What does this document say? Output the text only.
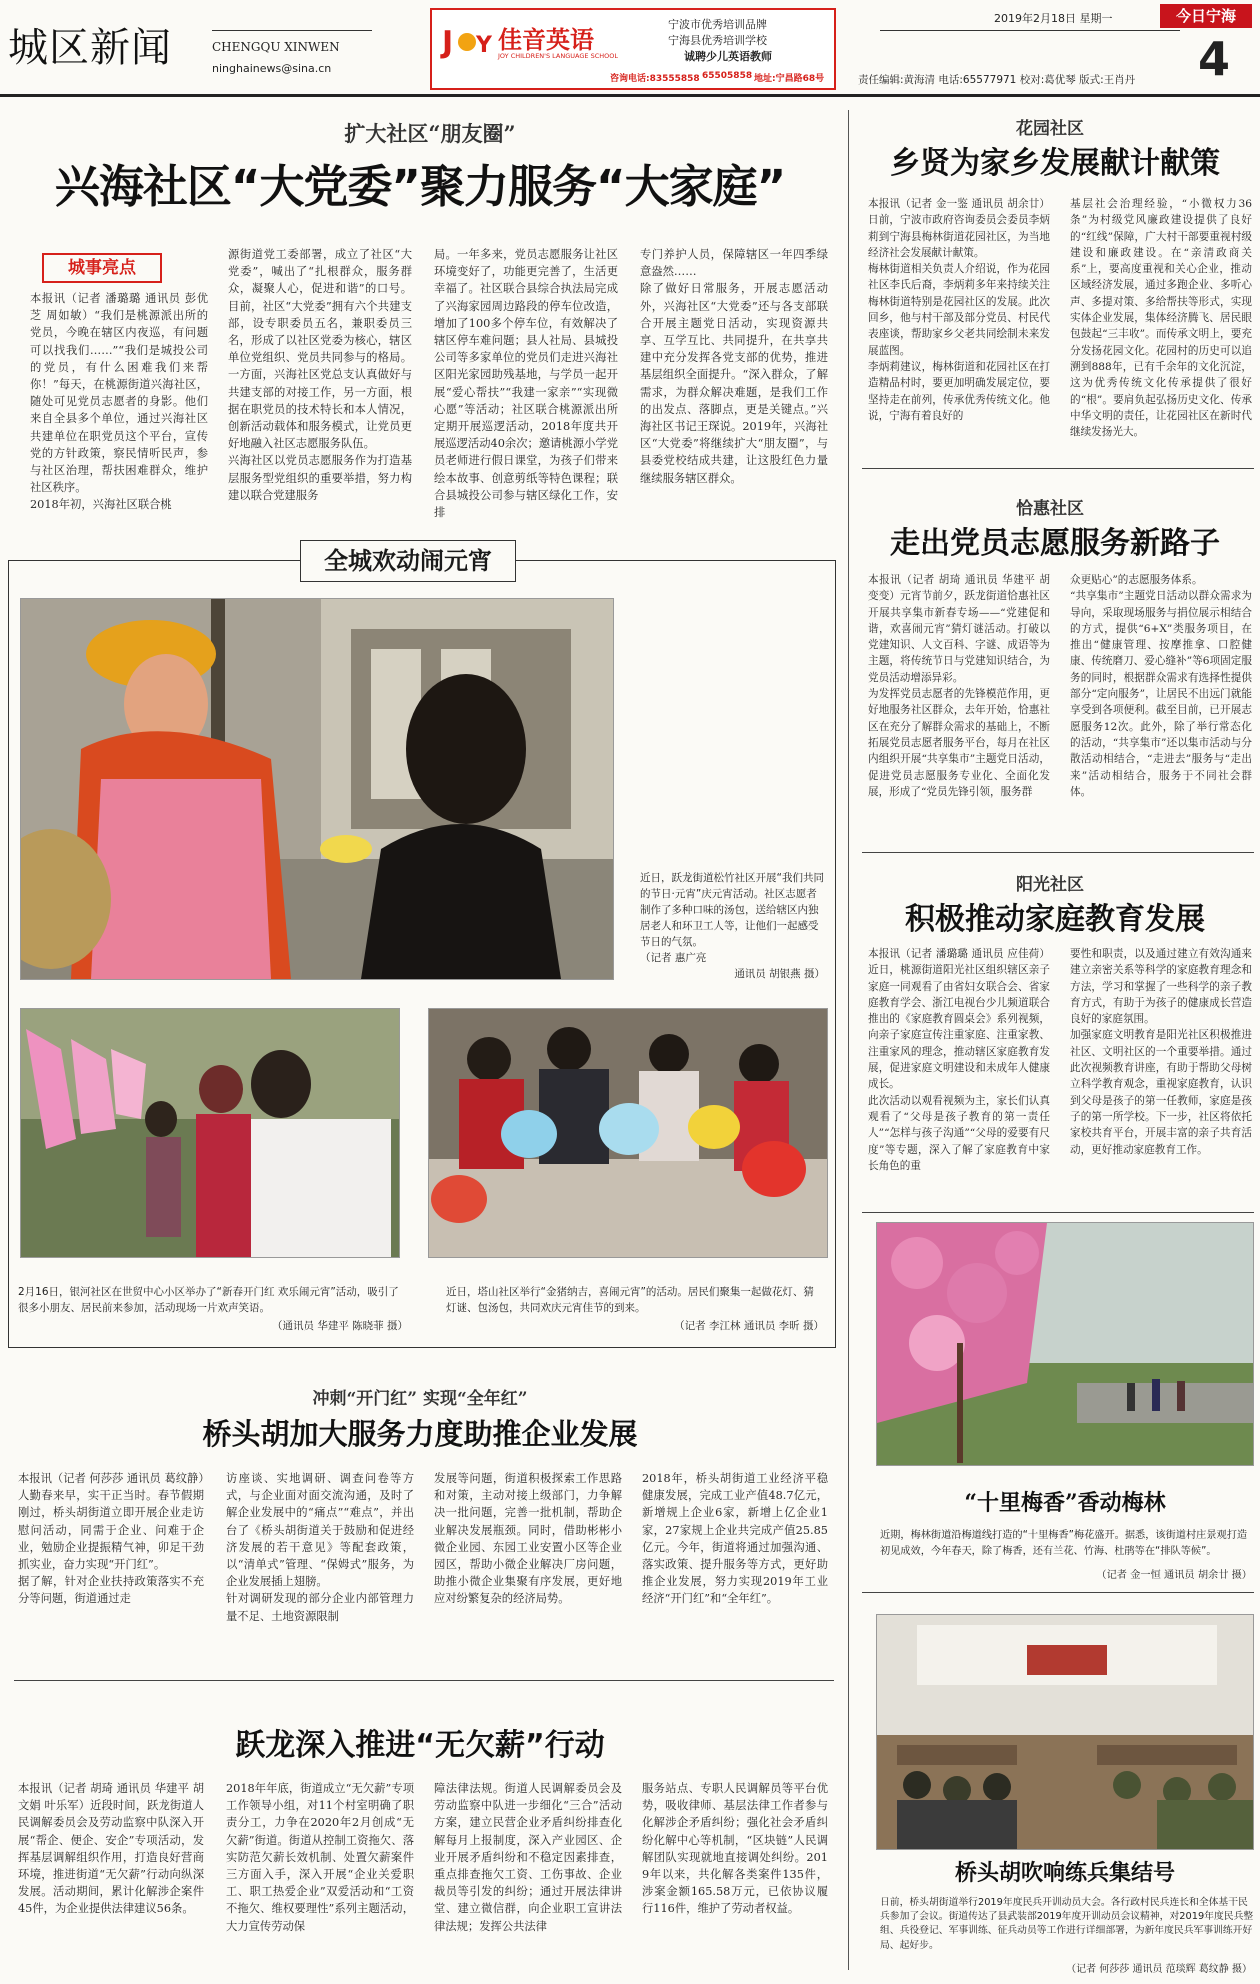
城区新闻	CHENGQU XINWEN
ninghainews@sina.cn
J Y 佳音英语
JOY CHILDREN'S LANGUAGE SCHOOL
宁波市优秀培训品牌
宁海县优秀培训学校
诚聘少儿英语教师
咨询电话:83555858 65505858 地址:宁昌路68号
2019年2月18日 星期一	今日宁海
4
责任编辑:黄海清 电话:65577971 校对:葛优琴 版式:王肖丹
扩大社区“朋友圈”
兴海社区“大党委”聚力服务“大家庭”
城事亮点

本报讯（记者 潘璐璐 通讯员 彭优芝 周如敏）“我们是桃源派出所的党员，今晚在辖区内夜巡，有问题可以找我们……”“我们是城投公司的党员，有什么困难我们来帮你！”每天，在桃源街道兴海社区，随处可见党员志愿者的身影。他们来自全县多个单位，通过兴海社区共建单位在职党员这个平台，宣传党的方针政策，察民情听民声，参与社区治理，帮扶困难群众，维护社区秩序。
2018年初，兴海社区联合桃

源街道党工委部署，成立了社区“大党委”，喊出了“扎根群众，服务群众，凝聚人心，促进和谐”的口号。目前，社区“大党委”拥有六个共建支部，设专职委员五名，兼职委员三名，形成了以社区党委为核心，辖区单位党组织、党员共同参与的格局。一方面，兴海社区党总支认真做好与共建支部的对接工作，另一方面，根据在职党员的技术特长和本人情况，创新活动载体和服务模式，让党员更好地融入社区志愿服务队伍。
兴海社区以党员志愿服务作为打造基层服务型党组织的重要举措，努力构建以联合党建服务

局。一年多来，党员志愿服务让社区环境变好了，功能更完善了，生活更幸福了。社区联合县综合执法局完成了兴海家园周边路段的停车位改造，增加了100多个停车位，有效解决了辖区停车难问题；县人社局、县城投公司等多家单位的党员们走进兴海社区阳光家园助残基地，与学员一起开展“爱心帮扶”“我建一家亲”“实现微心愿”等活动；社区联合桃源派出所定期开展巡逻活动，2018年度共开展巡逻活动40余次；邀请桃源小学党员老师进行假日课堂，为孩子们带来绘本故事、创意剪纸等特色课程；联合县城投公司参与辖区绿化工作，安排

专门养护人员，保障辖区一年四季绿意盎然……
除了做好日常服务，开展志愿活动外，兴海社区“大党委”还与各支部联合开展主题党日活动，实现资源共享、互学互比、共同提升，在共享共建中充分发挥各党支部的优势，推进基层组织全面提升。“深入群众，了解需求，为群众解决难题，是我们工作的出发点、落脚点，更是关键点。”兴海社区书记王琛说。2019年，兴海社区“大党委”将继续扩大“朋友圈”，与县委党校结成共建，让这股红色力量继续服务辖区群众。

全城欢动闹元宵

近日，跃龙街道松竹社区开展“我们共同的节日·元宵”庆元宵活动。社区志愿者制作了多种口味的汤包，送给辖区内独居老人和环卫工人等，让他们一起感受节日的气氛。

（记者 惠广亮
通讯员 胡银燕 摄）

2月16日，银河社区在世贸中心小区举办了“新春开门红 欢乐闹元宵”活动，吸引了很多小朋友、居民前来参加，活动现场一片欢声笑语。

（通讯员 华建平 陈晓菲 摄）

近日，塔山社区举行“金猪纳吉，喜闹元宵”的活动。居民们聚集一起做花灯、猜灯谜、包汤包，共同欢庆元宵佳节的到来。

（记者 李江林 通讯员 李昕 摄）
冲刺“开门红” 实现“全年红”
桥头胡加大服务力度助推企业发展

本报讯（记者 何莎莎 通讯员 葛纹静）人勤春来早，实干正当时。春节假期刚过，桥头胡街道立即开展企业走访慰问活动，同需于企业、问难于企业，勉励企业提振精气神，卯足干劲抓实业，奋力实现“开门红”。
据了解，针对企业扶持政策落实不充分等问题，街道通过走

访座谈、实地调研、调查问卷等方式，与企业面对面交流沟通，及时了解企业发展中的“痛点”“难点”，并出台了《桥头胡街道关于鼓励和促进经济发展的若干意见》等配套政策，以“清单式”管理、“保姆式”服务，为企业发展插上翅膀。
针对调研发现的部分企业内部管理力量不足、土地资源限制

发展等问题，街道积极探索工作思路和对策，主动对接上级部门，力争解决一批问题，完善一批机制，帮助企业解决发展瓶颈。同时，借助彬彬小微企业园、东园工业安置小区等企业园区，帮助小微企业解决厂房问题，助推小微企业集聚有序发展，更好地应对纷繁复杂的经济局势。

2018年，桥头胡街道工业经济平稳健康发展，完成工业产值48.7亿元，新增规上企业6家，新增上亿企业1家，27家规上企业共完成产值25.85亿元。今年，街道将通过加强沟通、落实政策、提升服务等方式，更好助推企业发展，努力实现2019年工业经济“开门红”和“全年红”。

跃龙深入推进“无欠薪”行动

本报讯（记者 胡琦 通讯员 华建平 胡文娟 叶乐军）近段时间，跃龙街道人民调解委员会及劳动监察中队深入开展“帮企、便企、安企”专项活动，发挥基层调解组织作用，打造良好营商环境，推进街道“无欠薪”行动向纵深发展。活动期间，累计化解涉企案件45件，为企业提供法律建议56条。

2018年年底，街道成立“无欠薪”专项工作领导小组，对11个村室明确了职责分工，力争在2020年2月创成“无欠薪”街道。街道从控制工资拖欠、落实防范欠薪长效机制、处置欠薪案件三方面入手，深入开展“企业关爱职工、职工热爱企业”双爱活动和“工资不拖欠、维权要理性”系列主题活动，大力宣传劳动保

障法律法规。街道人民调解委员会及劳动监察中队进一步细化“三合”活动方案，建立民营企业矛盾纠纷排查化解每月上报制度，深入产业园区、企业开展矛盾纠纷和不稳定因素排查，重点排查拖欠工资、工伤事故、企业裁员等引发的纠纷；通过开展法律讲堂、建立微信群，向企业职工宣讲法律法规；发挥公共法律

服务站点、专职人民调解员等平台优势，吸收律师、基层法律工作者参与化解涉企矛盾纠纷；强化社会矛盾纠纷化解中心等机制，“区块链”人民调解团队实现就地直接调处纠纷。2019年以来，共化解各类案件135件，涉案金额165.58万元，已依协议履行116件，维护了劳动者权益。

花园社区
乡贤为家乡发展献计献策

本报讯（记者 金一鉴 通讯员 胡余廿）日前，宁波市政府咨询委员会委员李炳莉到宁海县梅林街道花园社区，为当地经济社会发展献计献策。
梅林街道相关负责人介绍说，作为花园社区李氏后裔，李炳莉多年来持续关注梅林街道特别是花园社区的发展。此次回乡，他与村干部及部分党员、村民代表座谈，帮助家乡父老共同绘制未来发展蓝图。
李炳莉建议，梅林街道和花园社区在打造精品村时，要更加明确发展定位，要坚持走在前列，传承优秀传统文化。他说，宁海有着良好的

基层社会治理经验，“小微权力36条”为村级党风廉政建设提供了良好的“红线”保障，广大村干部要重视村级建设和廉政建设。在“亲清政商关系”上，要高度重视和关心企业，推动区域经济发展，通过多跑企业、多听心声、多提对策、多给帮扶等形式，实现实体企业发展，集体经济腾飞、居民眼包鼓起“三丰收”。而传承文明上，要充分发扬花园文化。花园村的历史可以追溯到888年，已有千余年的文化沉淀，这为优秀传统文化传承提供了很好的“根”。要肩负起弘扬历史文化、传承中华文明的责任，让花园社区在新时代继续发扬光大。

恰惠社区
走出党员志愿服务新路子

本报讯（记者 胡琦 通讯员 华建平 胡变变）元宵节前夕，跃龙街道恰惠社区开展共享集市新春专场——“党建促和谐，欢喜闹元宵”猜灯谜活动。打破以党建知识、人文百科、字谜、成语等为主题，将传统节日与党建知识结合，为党员活动增添异彩。
为发挥党员志愿者的先锋模范作用，更好地服务社区群众，去年开始，恰惠社区在充分了解群众需求的基础上，不断拓展党员志愿者服务平台，每月在社区内组织开展“共享集市”主题党日活动，促进党员志愿服务专业化、全面化发展，形成了“党员先锋引领，服务群

众更贴心”的志愿服务体系。
“共享集市”主题党日活动以群众需求为导向，采取现场服务与捐位展示相结合的方式，提供“6+X”类服务项目，在推出“健康管理、按摩推拿、口腔健康、传统磨刀、爱心缝补”等6项固定服务的同时，根据群众需求有选择性提供部分“定向服务”，让居民不出远门就能享受到各项便利。截至目前，已开展志愿服务12次。此外，除了举行常态化的活动，“共享集市”还以集市活动与分散活动相结合，“走进去”服务与“走出来”活动相结合，服务于不同社会群体。

阳光社区
积极推动家庭教育发展

本报讯（记者 潘璐璐 通讯员 应佳荷）近日，桃源街道阳光社区组织辖区亲子家庭一同观看了由省妇女联合会、省家庭教育学会、浙江电视台少儿频道联合推出的《家庭教育圆桌会》系列视频，向亲子家庭宣传注重家庭、注重家教、注重家风的理念，推动辖区家庭教育发展，促进家庭文明建设和未成年人健康成长。
此次活动以观看视频为主，家长们认真观看了“父母是孩子教育的第一责任人”“怎样与孩子沟通”“父母的爱要有尺度”等专题，深入了解了家庭教育中家长角色的重

要性和职责，以及通过建立有效沟通来建立亲密关系等科学的家庭教育理念和方法，学习和掌握了一些科学的亲子教育方式，有助于为孩子的健康成长营造良好的家庭氛围。
加强家庭文明教育是阳光社区积极推进社区、文明社区的一个重要举措。通过此次视频教育讲座，有助于帮助父母树立科学教育观念，重视家庭教育，认识到父母是孩子的第一任教师，家庭是孩子的第一所学校。下一步，社区将依托家校共育平台，开展丰富的亲子共育活动，更好推动家庭教育工作。

“十里梅香”香动梅林

近期，梅林街道沿梅道线打造的“十里梅香”梅花盛开。据悉，该街道村庄景观打造初见成效，今年春天，除了梅香，还有兰花、竹海、杜鹃等在“排队等候”。

（记者 金一恒 通讯员 胡余廿 摄）
桥头胡吹响练兵集结号

日前，桥头胡街道举行2019年度民兵开训动员大会。各行政村民兵连长和全体基干民兵参加了会议。街道传达了县武装部2019年度开训动员会议精神，对2019年度民兵整组、兵役登记、军事训练、征兵动员等工作进行详细部署，为新年度民兵军事训练开好局、起好步。

（记者 何莎莎 通讯员 范琰辉 葛纹静 摄）
